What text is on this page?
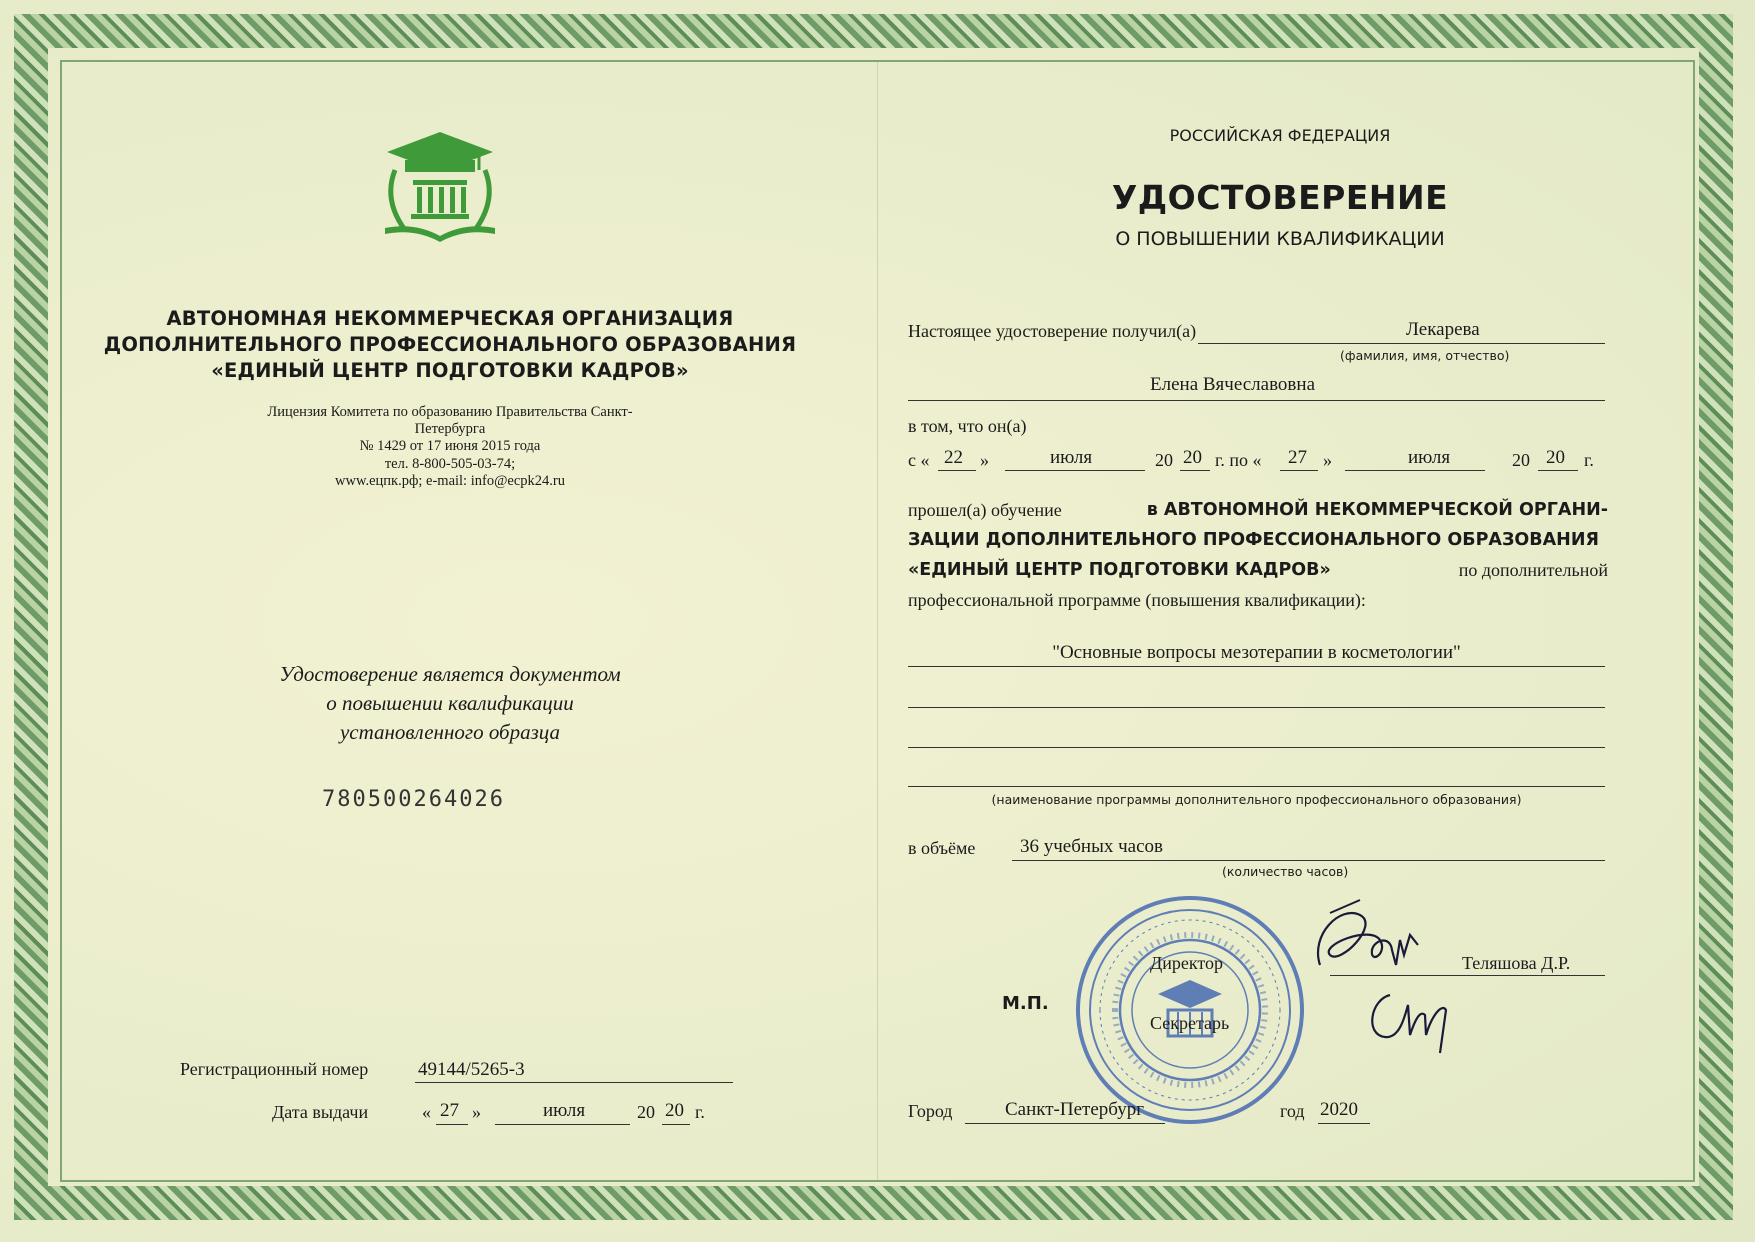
АВТОНОМНАЯ НЕКОММЕРЧЕСКАЯ ОРГАНИЗАЦИЯ
ДОПОЛНИТЕЛЬНОГО ПРОФЕССИОНАЛЬНОГО ОБРАЗОВАНИЯ
«ЕДИНЫЙ ЦЕНТР ПОДГОТОВКИ КАДРОВ»
Лицензия Комитета по образованию Правительства Санкт-Петербурга
№ 1429 от 17 июня 2015 года
тел. 8-800-505-03-74;
www.ецпк.рф; e-mail: info@ecpk24.ru
Удостоверение является документом
о повышении квалификации
установленного образца
780500264026
Регистрационный номер	49144/5265-3
Дата выдачи	« 27 »	июля	20 20 г.
РОССИЙСКАЯ ФЕДЕРАЦИЯ
УДОСТОВЕРЕНИЕ
О ПОВЫШЕНИИ КВАЛИФИКАЦИИ
Настоящее удостоверение получил(а)	Лекарева
(фамилия, имя, отчество)
Елена Вячеславовна
в том, что он(а)
с « 22 »	июля	20 20 г. по « 27 »	июля	20 20 г.
прошел(а) обучение	в АВТОНОМНОЙ НЕКОММЕРЧЕСКОЙ ОРГАНИ-
ЗАЦИИ ДОПОЛНИТЕЛЬНОГО ПРОФЕССИОНАЛЬНОГО ОБРАЗОВАНИЯ
«ЕДИНЫЙ ЦЕНТР ПОДГОТОВКИ КАДРОВ»	по дополнительной
профессиональной программе (повышения квалификации):
"Основные вопросы мезотерапии в косметологии"
(наименование программы дополнительного профессионального образования)
в объёме 36 учебных часов
(количество часов)
М.П.
Директор	Теляшова Д.Р.
Секретарь
Город	Санкт-Петербург	год 2020
